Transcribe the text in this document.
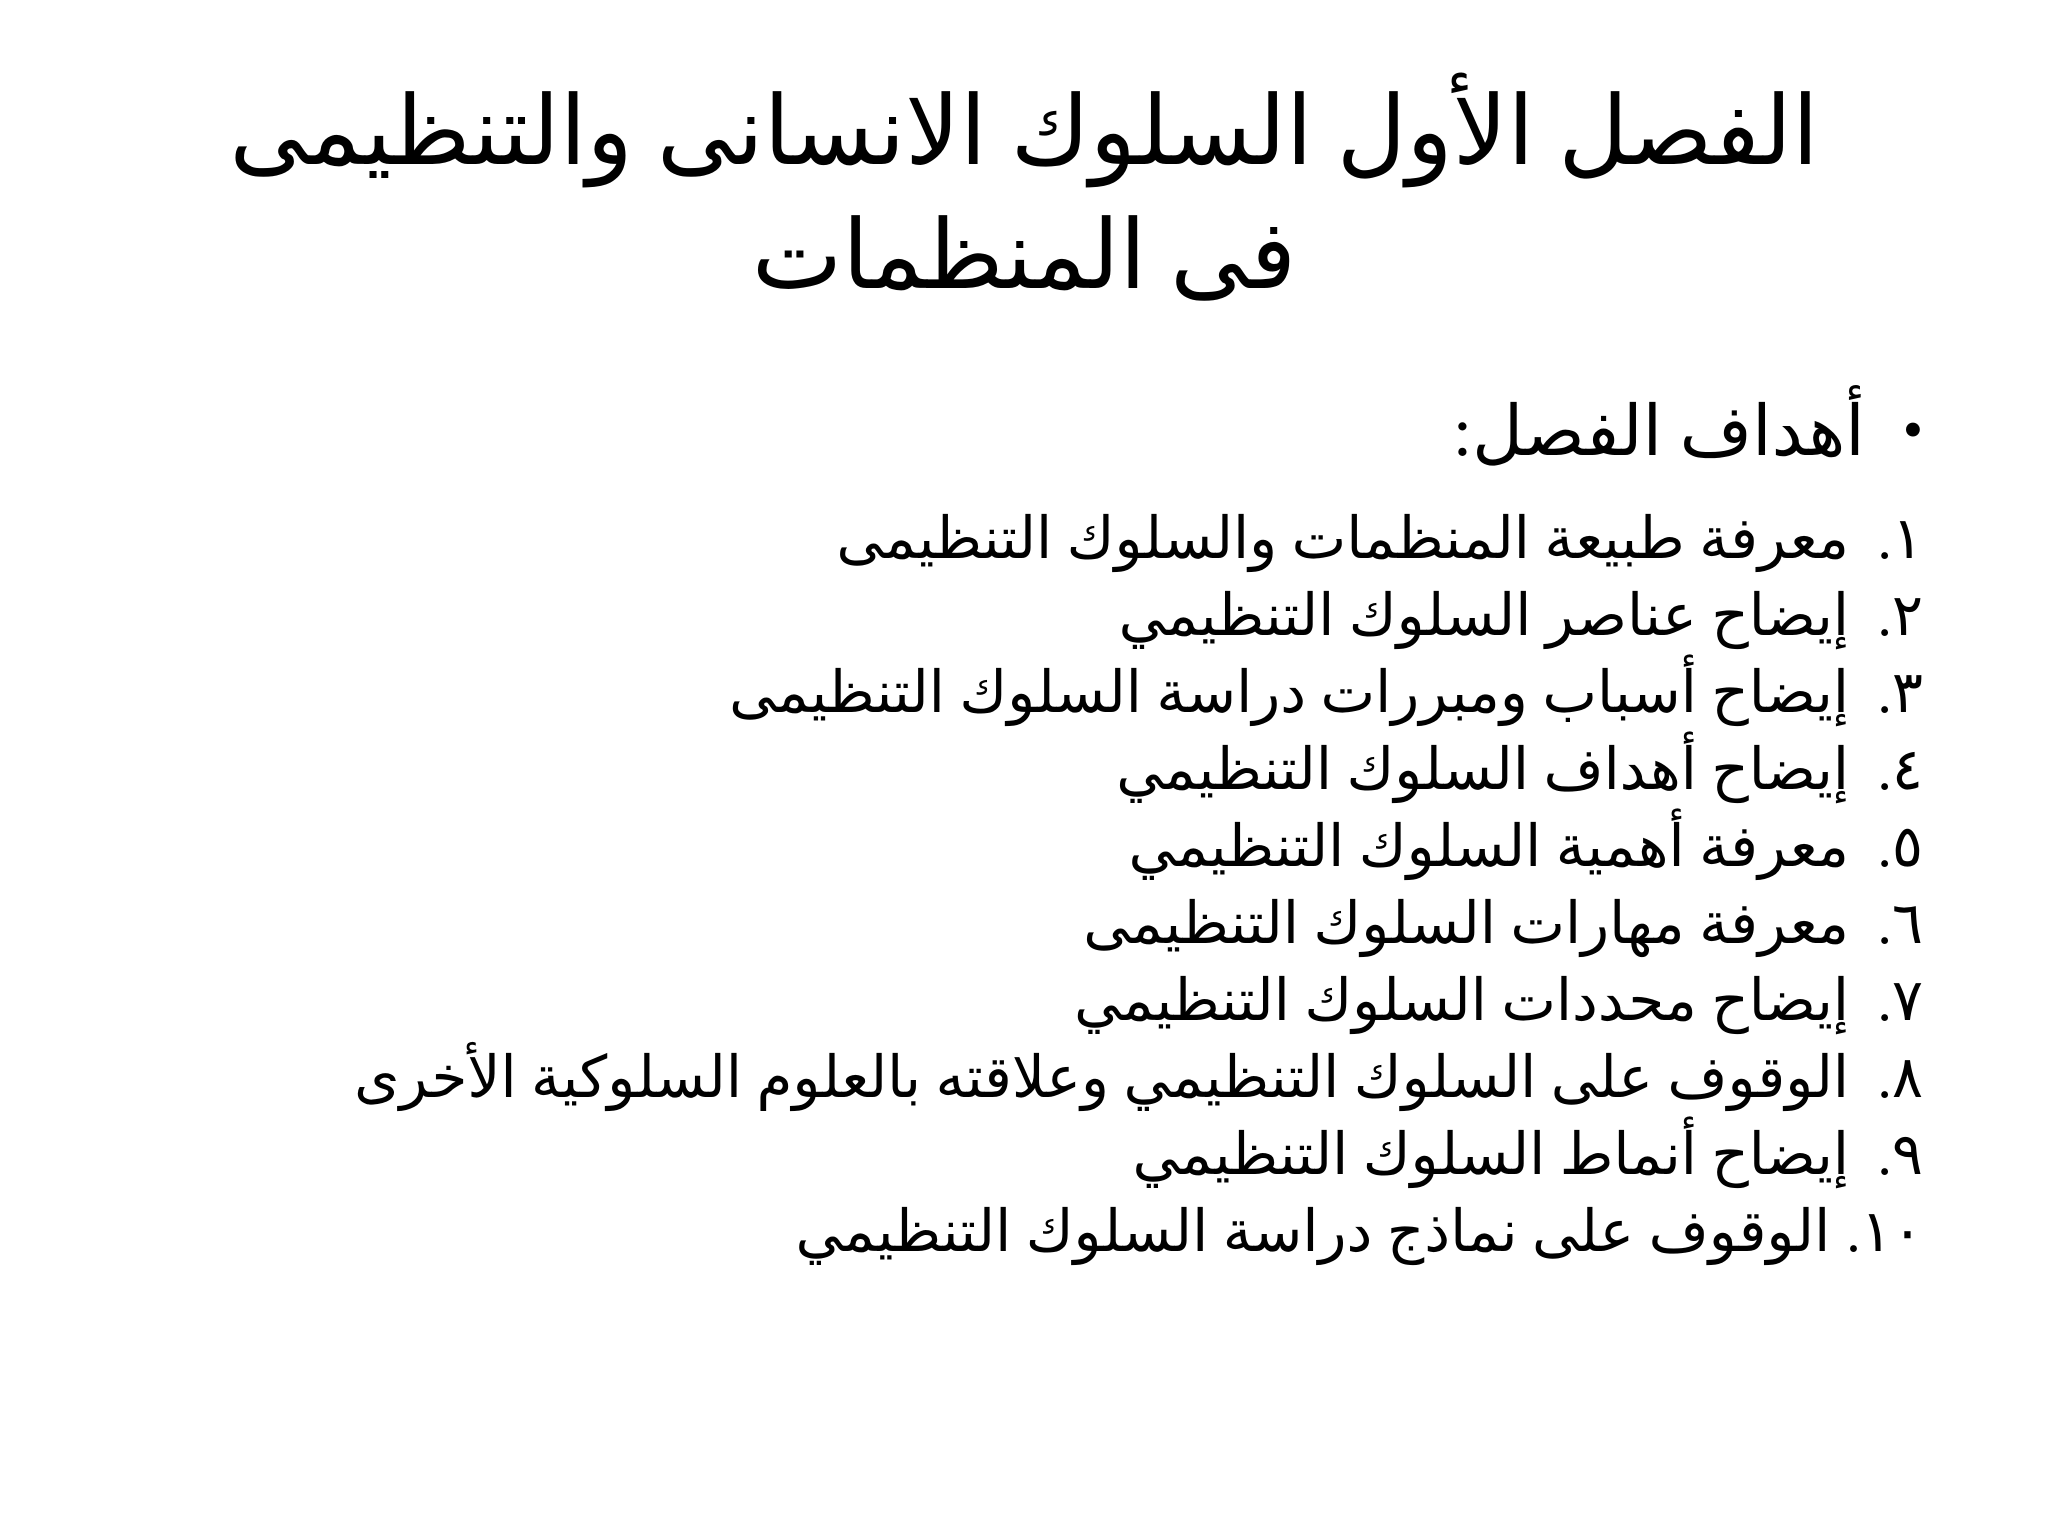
الفصل الأول السلوك الانسانى والتنظيمى فى المنظمات
•أهداف الفصل:
١.معرفة طبيعة المنظمات والسلوك التنظيمى
٢.إيضاح عناصر السلوك التنظيمي
٣.إيضاح أسباب ومبررات دراسة السلوك التنظيمى
٤.إيضاح أهداف السلوك التنظيمي
٥.معرفة أهمية السلوك التنظيمي
٦.معرفة مهارات السلوك التنظيمى
٧.إيضاح محددات السلوك التنظيمي
٨.الوقوف على السلوك التنظيمي وعلاقته بالعلوم السلوكية الأخرى
٩.إيضاح أنماط السلوك التنظيمي
١٠.الوقوف على نماذج دراسة السلوك التنظيمي
